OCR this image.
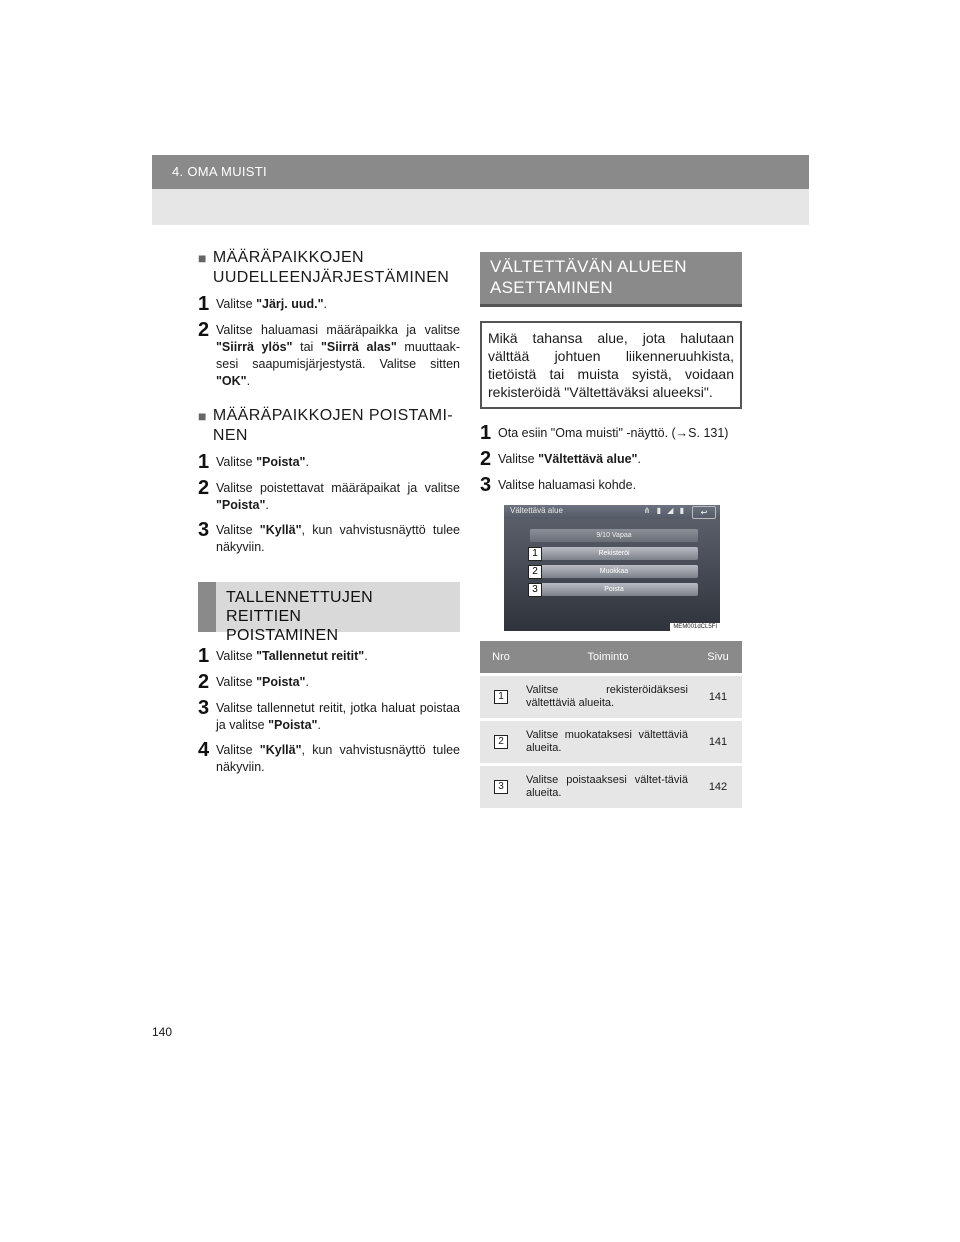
4. OMA MUISTI
■ MÄÄRÄPAIKKOJEN
UUDELLEENJÄRJESTÄMINEN
1 Valitse "Järj. uud.".
2 Valitse haluamasi määräpaikka ja valitse "Siirrä ylös" tai "Siirrä alas" muuttaak-sesi saapumisjärjestystä. Valitse sitten "OK".
■ MÄÄRÄPAIKKOJEN POISTAMI-NEN
1 Valitse "Poista".
2 Valitse poistettavat määräpaikat ja valitse "Poista".
3 Valitse "Kyllä", kun vahvistusnäyttö tulee näkyviin.
TALLENNETTUJEN REITTIEN
POISTAMINEN
1 Valitse "Tallennetut reitit".
2 Valitse "Poista".
3 Valitse tallennetut reitit, jotka haluat poistaa ja valitse "Poista".
4 Valitse "Kyllä", kun vahvistusnäyttö tulee näkyviin.
VÄLTETTÄVÄN ALUEEN
ASETTAMINEN
Mikä tahansa alue, jota halutaan välttää johtuen liikenneruuhkista, tietöistä tai muista syistä, voidaan rekisteröidä "Vältettäväksi alueeksi".
1 Ota esiin "Oma muisti" -näyttö. (→S. 131)
2 Valitse "Vältettävä alue".
3 Valitse haluamasi kohde.
Vältettävä alue	⋔ ▮ ◢ ▮	↩
9/10 Vapaa
Rekisteröi
Muokkaa
Poista
1
2
3
MEM001dCL5FI
Nro	Toiminto	Sivu
1	Valitse rekisteröidäksesi vältettäviä alueita.	141
2	Valitse muokataksesi vältettäviä alueita.	141
3	Valitse poistaaksesi vältet-täviä alueita.	142
140
